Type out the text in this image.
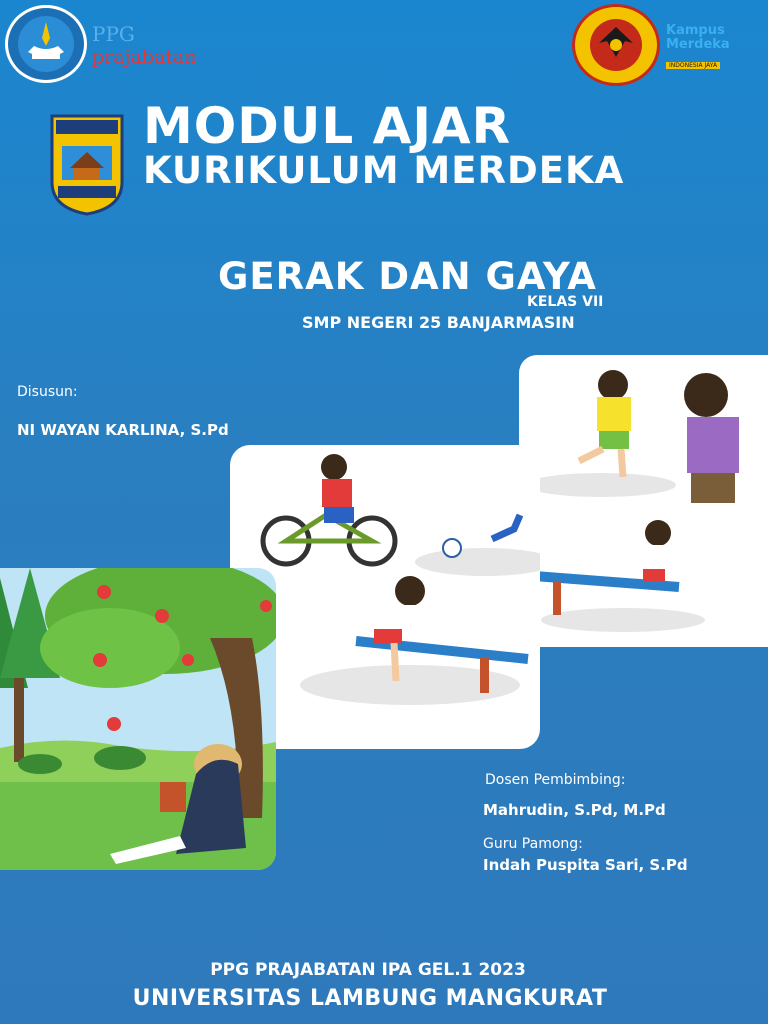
PPG
prajabatan
Kampus Merdeka
INDONESIA JAYA
MODUL AJAR
KURIKULUM MERDEKA
GERAK DAN GAYA
KELAS VII
SMP NEGERI 25 BANJARMASIN
Disusun:
NI WAYAN KARLINA, S.Pd
Dosen Pembimbing:
Mahrudin, S.Pd, M.Pd
Guru Pamong:
Indah Puspita Sari, S.Pd
PPG PRAJABATAN IPA GEL.1 2023
UNIVERSITAS LAMBUNG MANGKURAT
